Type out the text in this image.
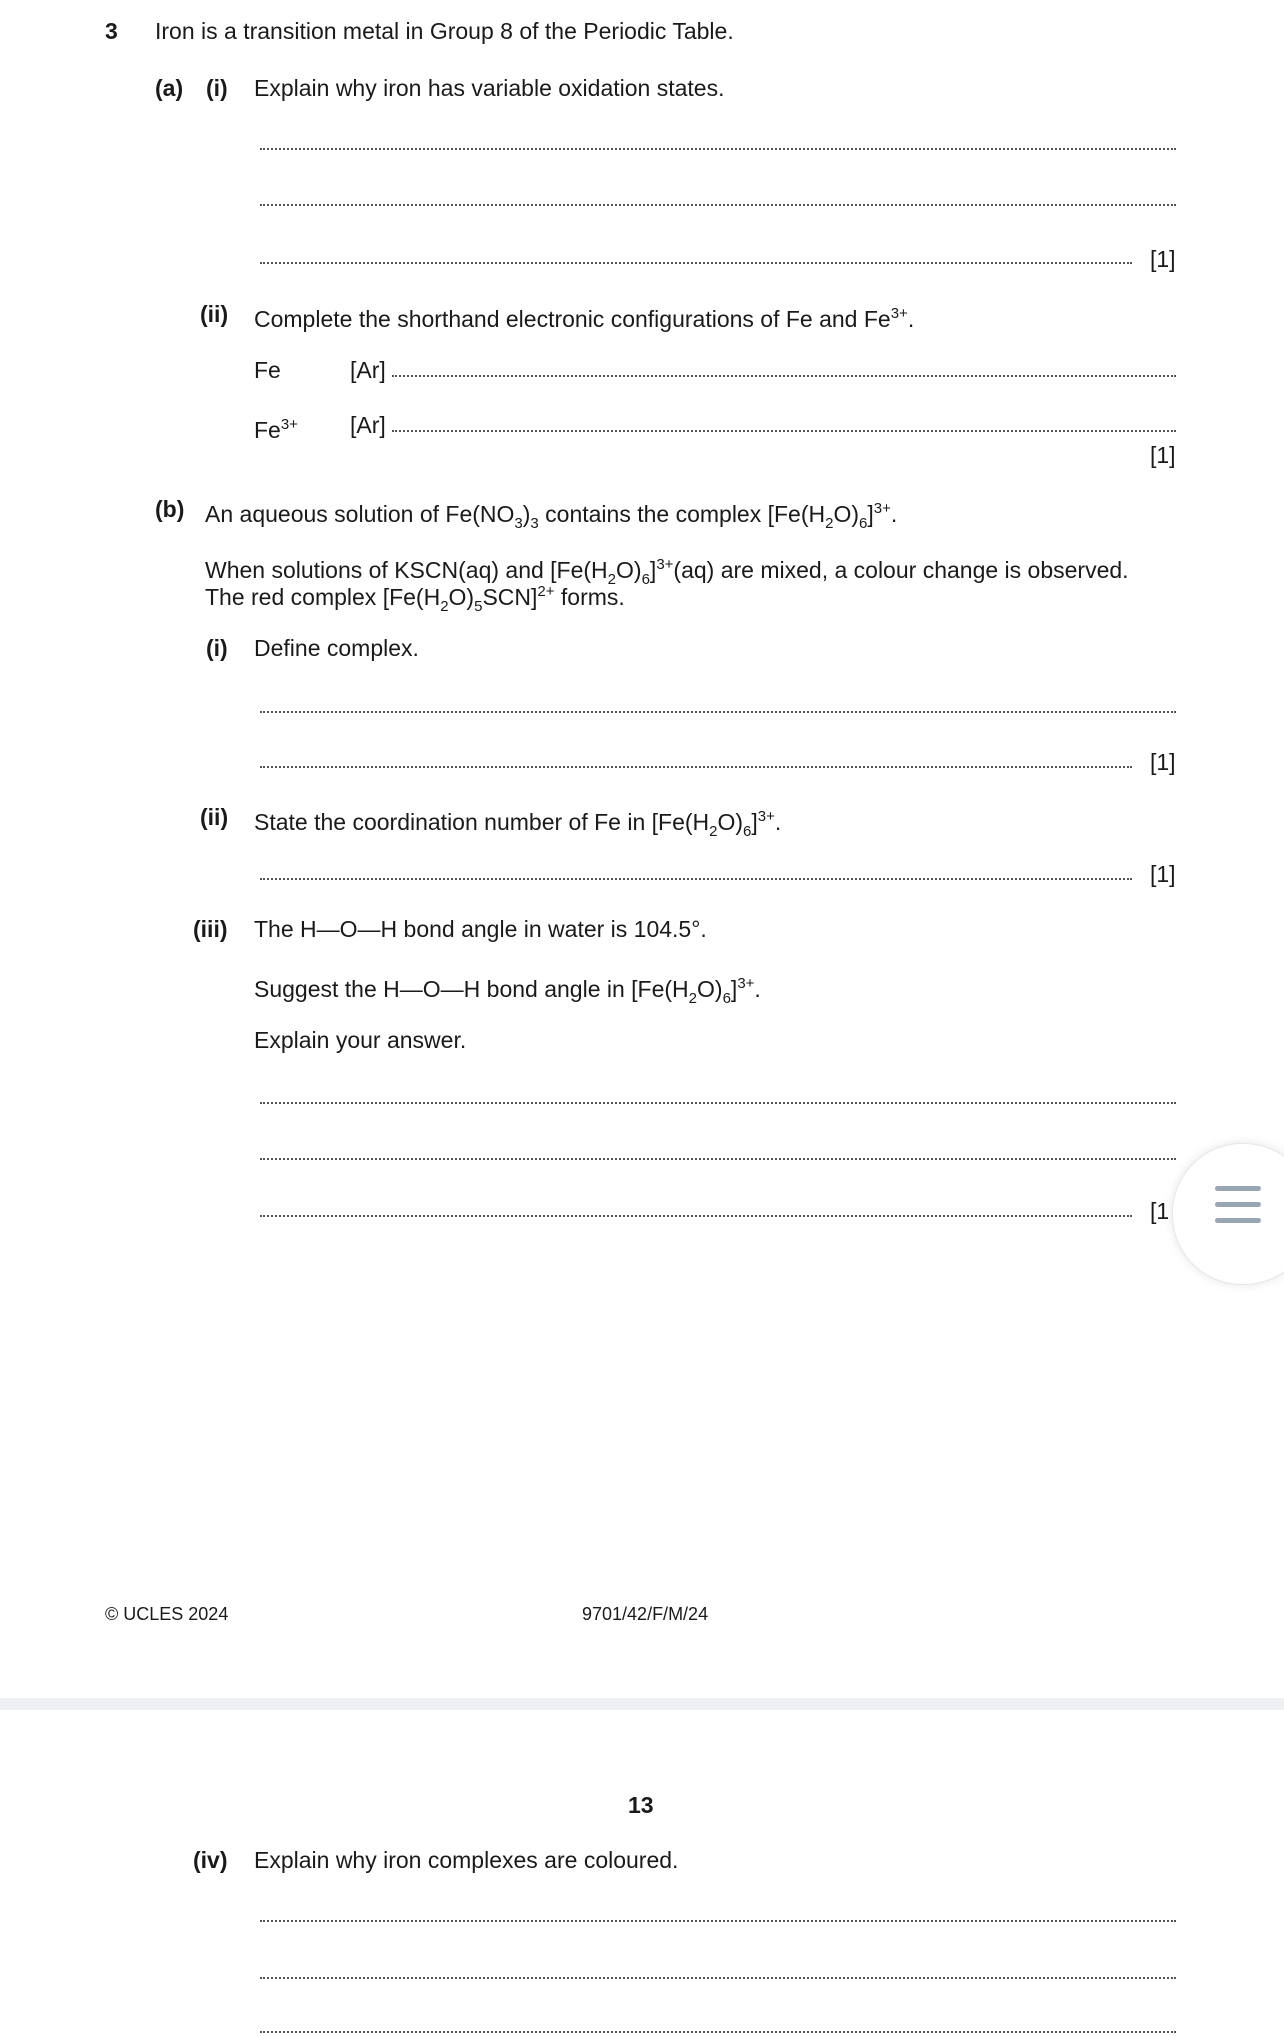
3 Iron is a transition metal in Group 8 of the Periodic Table.
(a) (i) Explain why iron has variable oxidation states.
[1]
(ii) Complete the shorthand electronic configurations of Fe and $Fe^{3+}$.
Fe	[Ar]
$Fe^{3+}$ [Ar]
[1]
(b) An aqueous solution of $Fe(NO_3)_3$ contains the complex $[Fe(H_2O)_6]^{3+}$.
When solutions of KSCN(aq) and $[Fe(H_2O)_6]^{3+}(aq)$ are mixed, a colour change is observed.
The red complex $[Fe(H_2O)_5SCN]^{2+}$ forms.
(i) Define complex.
[1]
(ii) State the coordination number of Fe in $[Fe(H_2O)_6]^{3+}$.
[1]
(iii) The H—O—H bond angle in water is 104.5°.
Suggest the H—O—H bond angle in $[Fe(H_2O)_6]^{3+}$.
Explain your answer.
[1
© UCLES 2024	9701/42/F/M/24
13
(iv) Explain why iron complexes are coloured.
